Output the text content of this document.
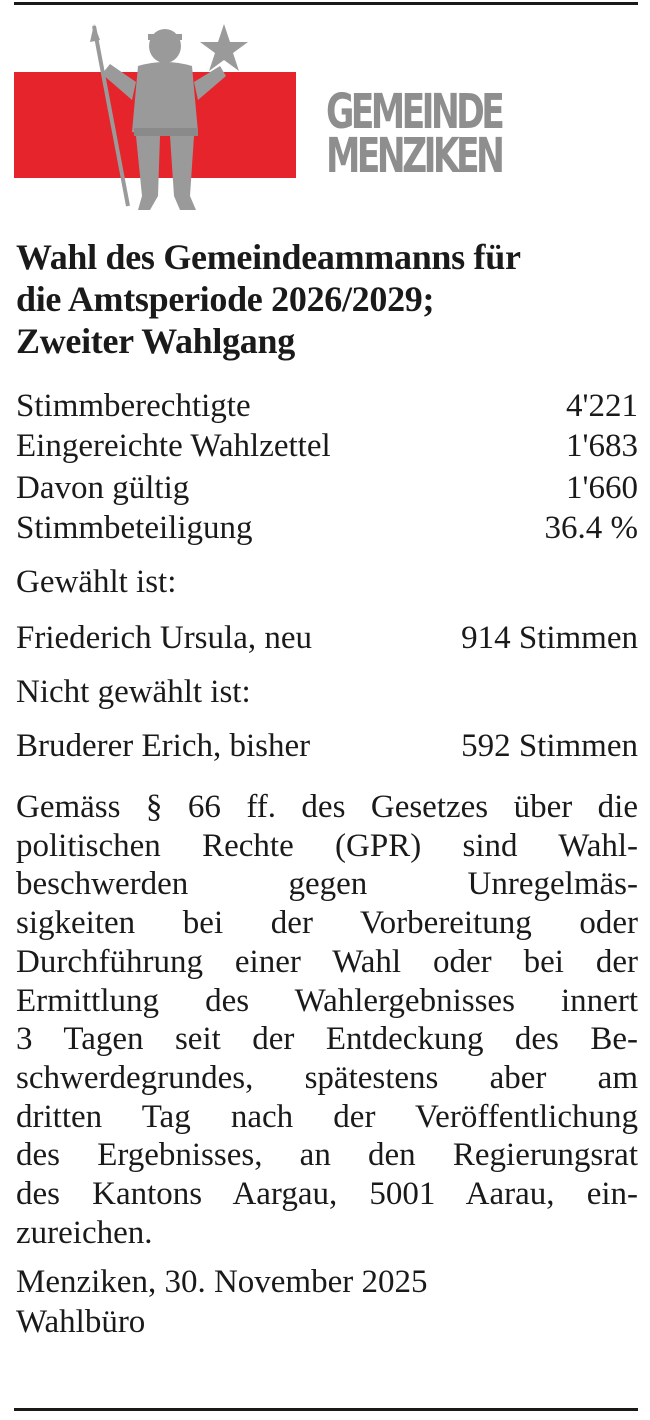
GEMEINDE
MENZIKEN
Wahl des Gemeindeammanns für
die Amtsperiode 2026/2029;
Zweiter Wahlgang
Stimmberechtigte	4'221
Eingereichte Wahlzettel	1'683
Davon gültig	1'660
Stimmbeteiligung	36.4 %
Gewählt ist:
Friederich Ursula, neu	914 Stimmen
Nicht gewählt ist:
Bruderer Erich, bisher	592 Stimmen

Gemäss § 66 ff. des Gesetzes über die
politischen Rechte (GPR) sind Wahl-
beschwerden gegen Unregelmäs-
sigkeiten bei der Vorbereitung oder
Durchführung einer Wahl oder bei der
Ermittlung des Wahlergebnisses innert
3 Tagen seit der Entdeckung des Be-
schwerdegrundes, spätestens aber am
dritten Tag nach der Veröffentlichung
des Ergebnisses, an den Regierungsrat
des Kantons Aargau, 5001 Aarau, ein-
zureichen.

Menziken, 30. November 2025
Wahlbüro
